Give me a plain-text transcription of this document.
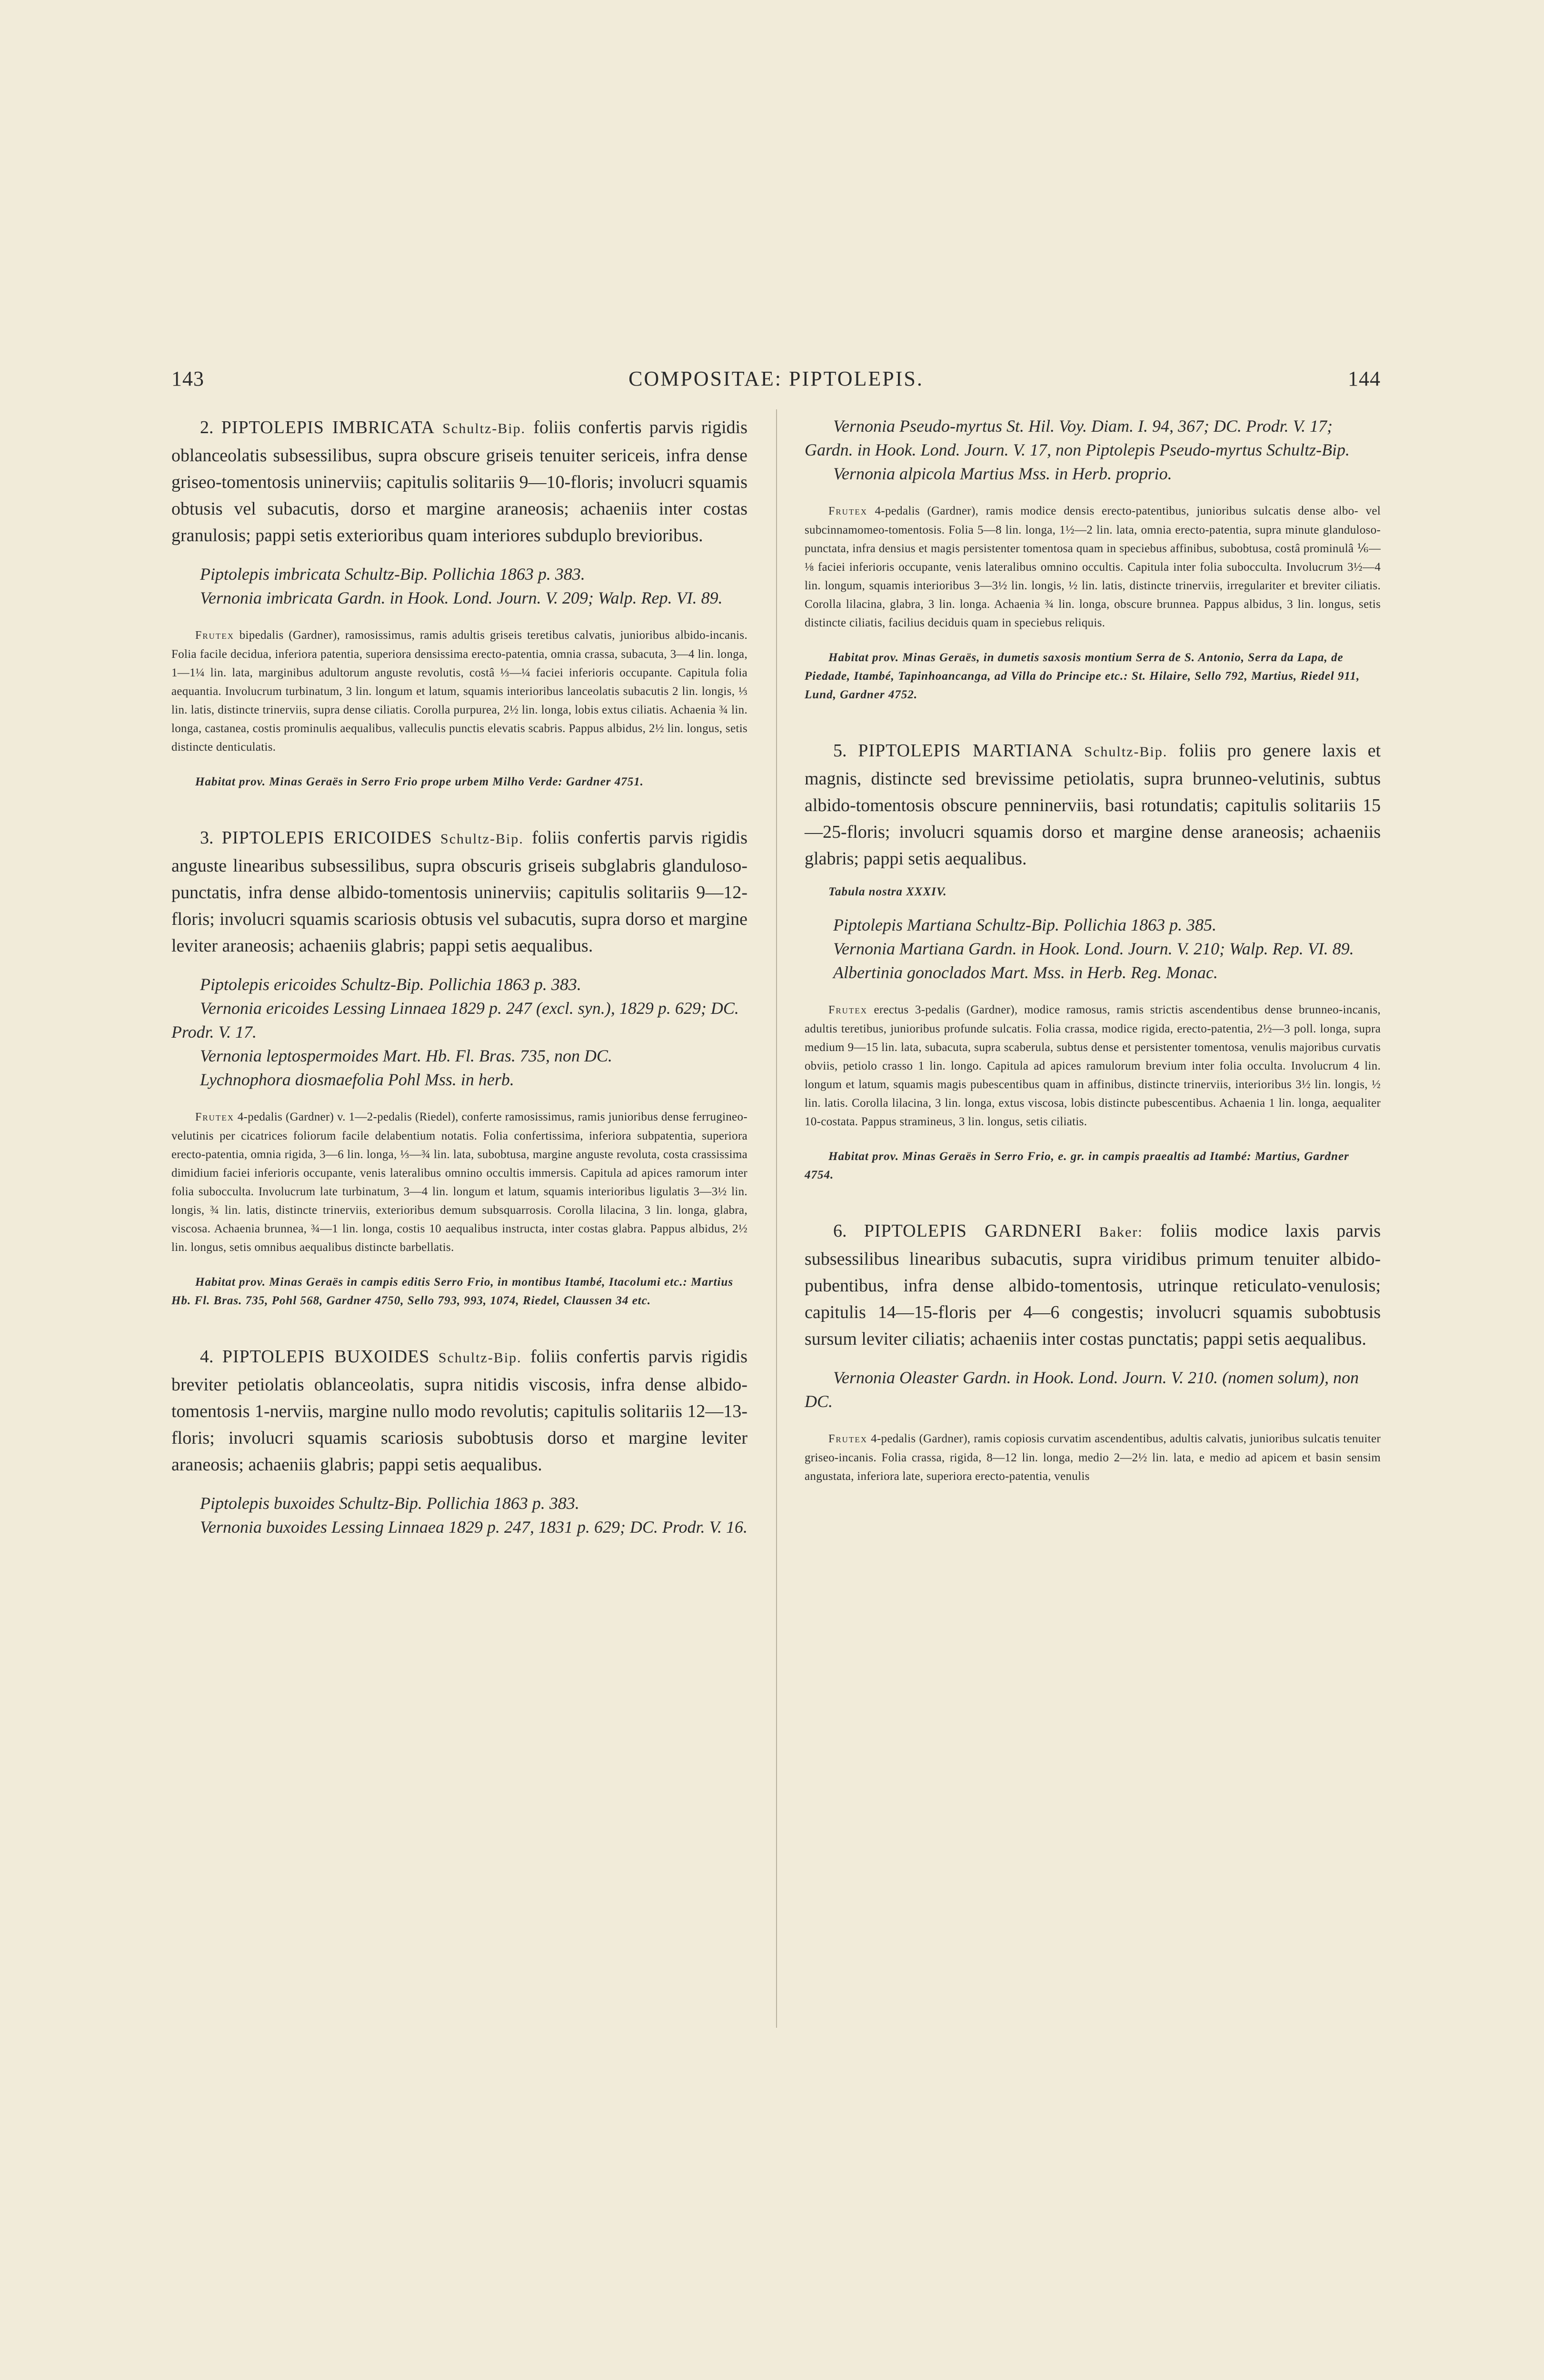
143	COMPOSITAE: PIPTOLEPIS.	144

2. PIPTOLEPIS IMBRICATA Schultz-Bip. foliis confertis parvis rigidis oblanceolatis subsessilibus, supra obscure griseis tenuiter sericeis, infra dense griseo-tomentosis uninerviis; capitulis solitariis 9—10-floris; involucri squamis obtusis vel subacutis, dorso et margine araneosis; achaeniis inter costas granulosis; pappi setis exterioribus quam interiores subduplo brevioribus.

Piptolepis imbricata Schultz-Bip. Pollichia 1863 p. 383.

Vernonia imbricata Gardn. in Hook. Lond. Journ. V. 209; Walp. Rep. VI. 89.

Frutex bipedalis (Gardner), ramosissimus, ramis adultis griseis teretibus calvatis, junioribus albido-incanis. Folia facile decidua, inferiora patentia, superiora densissima erecto-patentia, omnia crassa, subacuta, 3—4 lin. longa, 1—1¼ lin. lata, marginibus adultorum anguste revolutis, costâ ⅓—¼ faciei inferioris occupante. Capitula folia aequantia. Involucrum turbinatum, 3 lin. longum et latum, squamis interioribus lanceolatis subacutis 2 lin. longis, ⅓ lin. latis, distincte trinerviis, supra dense ciliatis. Corolla purpurea, 2½ lin. longa, lobis extus ciliatis. Achaenia ¾ lin. longa, castanea, costis prominulis aequalibus, valleculis punctis elevatis scabris. Pappus albidus, 2½ lin. longus, setis distincte denticulatis.

Habitat prov. Minas Geraës in Serro Frio prope urbem Milho Verde: Gardner 4751.

3. PIPTOLEPIS ERICOIDES Schultz-Bip. foliis confertis parvis rigidis anguste linearibus subsessilibus, supra obscuris griseis subglabris glanduloso-punctatis, infra dense albido-tomentosis uninerviis; capitulis solitariis 9—12-floris; involucri squamis scariosis obtusis vel subacutis, supra dorso et margine leviter araneosis; achaeniis glabris; pappi setis aequalibus.

Piptolepis ericoides Schultz-Bip. Pollichia 1863 p. 383.

Vernonia ericoides Lessing Linnaea 1829 p. 247 (excl. syn.), 1829 p. 629; DC. Prodr. V. 17.

Vernonia leptospermoides Mart. Hb. Fl. Bras. 735, non DC.

Lychnophora diosmaefolia Pohl Mss. in herb.

Frutex 4-pedalis (Gardner) v. 1—2-pedalis (Riedel), conferte ramosissimus, ramis junioribus dense ferrugineo-velutinis per cicatrices foliorum facile delabentium notatis. Folia confertissima, inferiora subpatentia, superiora erecto-patentia, omnia rigida, 3—6 lin. longa, ⅓—¾ lin. lata, subobtusa, margine anguste revoluta, costa crassissima dimidium faciei inferioris occupante, venis lateralibus omnino occultis immersis. Capitula ad apices ramorum inter folia subocculta. Involucrum late turbinatum, 3—4 lin. longum et latum, squamis interioribus ligulatis 3—3½ lin. longis, ¾ lin. latis, distincte trinerviis, exterioribus demum subsquarrosis. Corolla lilacina, 3 lin. longa, glabra, viscosa. Achaenia brunnea, ¾—1 lin. longa, costis 10 aequalibus instructa, inter costas glabra. Pappus albidus, 2½ lin. longus, setis omnibus aequalibus distincte barbellatis.

Habitat prov. Minas Geraës in campis editis Serro Frio, in montibus Itambé, Itacolumi etc.: Martius Hb. Fl. Bras. 735, Pohl 568, Gardner 4750, Sello 793, 993, 1074, Riedel, Claussen 34 etc.

4. PIPTOLEPIS BUXOIDES Schultz-Bip. foliis confertis parvis rigidis breviter petiolatis oblanceolatis, supra nitidis viscosis, infra dense albido-tomentosis 1-nerviis, margine nullo modo revolutis; capitulis solitariis 12—13-floris; involucri squamis scariosis subobtusis dorso et margine leviter araneosis; achaeniis glabris; pappi setis aequalibus.

Piptolepis buxoides Schultz-Bip. Pollichia 1863 p. 383.

Vernonia buxoides Lessing Linnaea 1829 p. 247, 1831 p. 629; DC. Prodr. V. 16.

Vernonia Pseudo-myrtus St. Hil. Voy. Diam. I. 94, 367; DC. Prodr. V. 17; Gardn. in Hook. Lond. Journ. V. 17, non Piptolepis Pseudo-myrtus Schultz-Bip.

Vernonia alpicola Martius Mss. in Herb. proprio.

Frutex 4-pedalis (Gardner), ramis modice densis erecto-patentibus, junioribus sulcatis dense albo- vel subcinnamomeo-tomentosis. Folia 5—8 lin. longa, 1½—2 lin. lata, omnia erecto-patentia, supra minute glanduloso-punctata, infra densius et magis persistenter tomentosa quam in speciebus affinibus, subobtusa, costâ prominulâ ⅙—⅛ faciei inferioris occupante, venis lateralibus omnino occultis. Capitula inter folia subocculta. Involucrum 3½—4 lin. longum, squamis interioribus 3—3½ lin. longis, ½ lin. latis, distincte trinerviis, irregulariter et breviter ciliatis. Corolla lilacina, glabra, 3 lin. longa. Achaenia ¾ lin. longa, obscure brunnea. Pappus albidus, 3 lin. longus, setis distincte ciliatis, facilius deciduis quam in speciebus reliquis.

Habitat prov. Minas Geraës, in dumetis saxosis montium Serra de S. Antonio, Serra da Lapa, de Piedade, Itambé, Tapinhoancanga, ad Villa do Principe etc.: St. Hilaire, Sello 792, Martius, Riedel 911, Lund, Gardner 4752.

5. PIPTOLEPIS MARTIANA Schultz-Bip. foliis pro genere laxis et magnis, distincte sed brevissime petiolatis, supra brunneo-velutinis, subtus albido-tomentosis obscure penninerviis, basi rotundatis; capitulis solitariis 15—25-floris; involucri squamis dorso et margine dense araneosis; achaeniis glabris; pappi setis aequalibus.

Tabula nostra XXXIV.

Piptolepis Martiana Schultz-Bip. Pollichia 1863 p. 385.

Vernonia Martiana Gardn. in Hook. Lond. Journ. V. 210; Walp. Rep. VI. 89.

Albertinia gonoclados Mart. Mss. in Herb. Reg. Monac.

Frutex erectus 3-pedalis (Gardner), modice ramosus, ramis strictis ascendentibus dense brunneo-incanis, adultis teretibus, junioribus profunde sulcatis. Folia crassa, modice rigida, erecto-patentia, 2½—3 poll. longa, supra medium 9—15 lin. lata, subacuta, supra scaberula, subtus dense et persistenter tomentosa, venulis majoribus curvatis obviis, petiolo crasso 1 lin. longo. Capitula ad apices ramulorum brevium inter folia occulta. Involucrum 4 lin. longum et latum, squamis magis pubescentibus quam in affinibus, distincte trinerviis, interioribus 3½ lin. longis, ½ lin. latis. Corolla lilacina, 3 lin. longa, extus viscosa, lobis distincte pubescentibus. Achaenia 1 lin. longa, aequaliter 10-costata. Pappus stramineus, 3 lin. longus, setis ciliatis.

Habitat prov. Minas Geraës in Serro Frio, e. gr. in campis praealtis ad Itambé: Martius, Gardner 4754.

6. PIPTOLEPIS GARDNERI Baker: foliis modice laxis parvis subsessilibus linearibus subacutis, supra viridibus primum tenuiter albido-pubentibus, infra dense albido-tomentosis, utrinque reticulato-venulosis; capitulis 14—15-floris per 4—6 congestis; involucri squamis subobtusis sursum leviter ciliatis; achaeniis inter costas punctatis; pappi setis aequalibus.

Vernonia Oleaster Gardn. in Hook. Lond. Journ. V. 210. (nomen solum), non DC.

Frutex 4-pedalis (Gardner), ramis copiosis curvatim ascendentibus, adultis calvatis, junioribus sulcatis tenuiter griseo-incanis. Folia crassa, rigida, 8—12 lin. longa, medio 2—2½ lin. lata, e medio ad apicem et basin sensim angustata, inferiora late, superiora erecto-patentia, venulis
